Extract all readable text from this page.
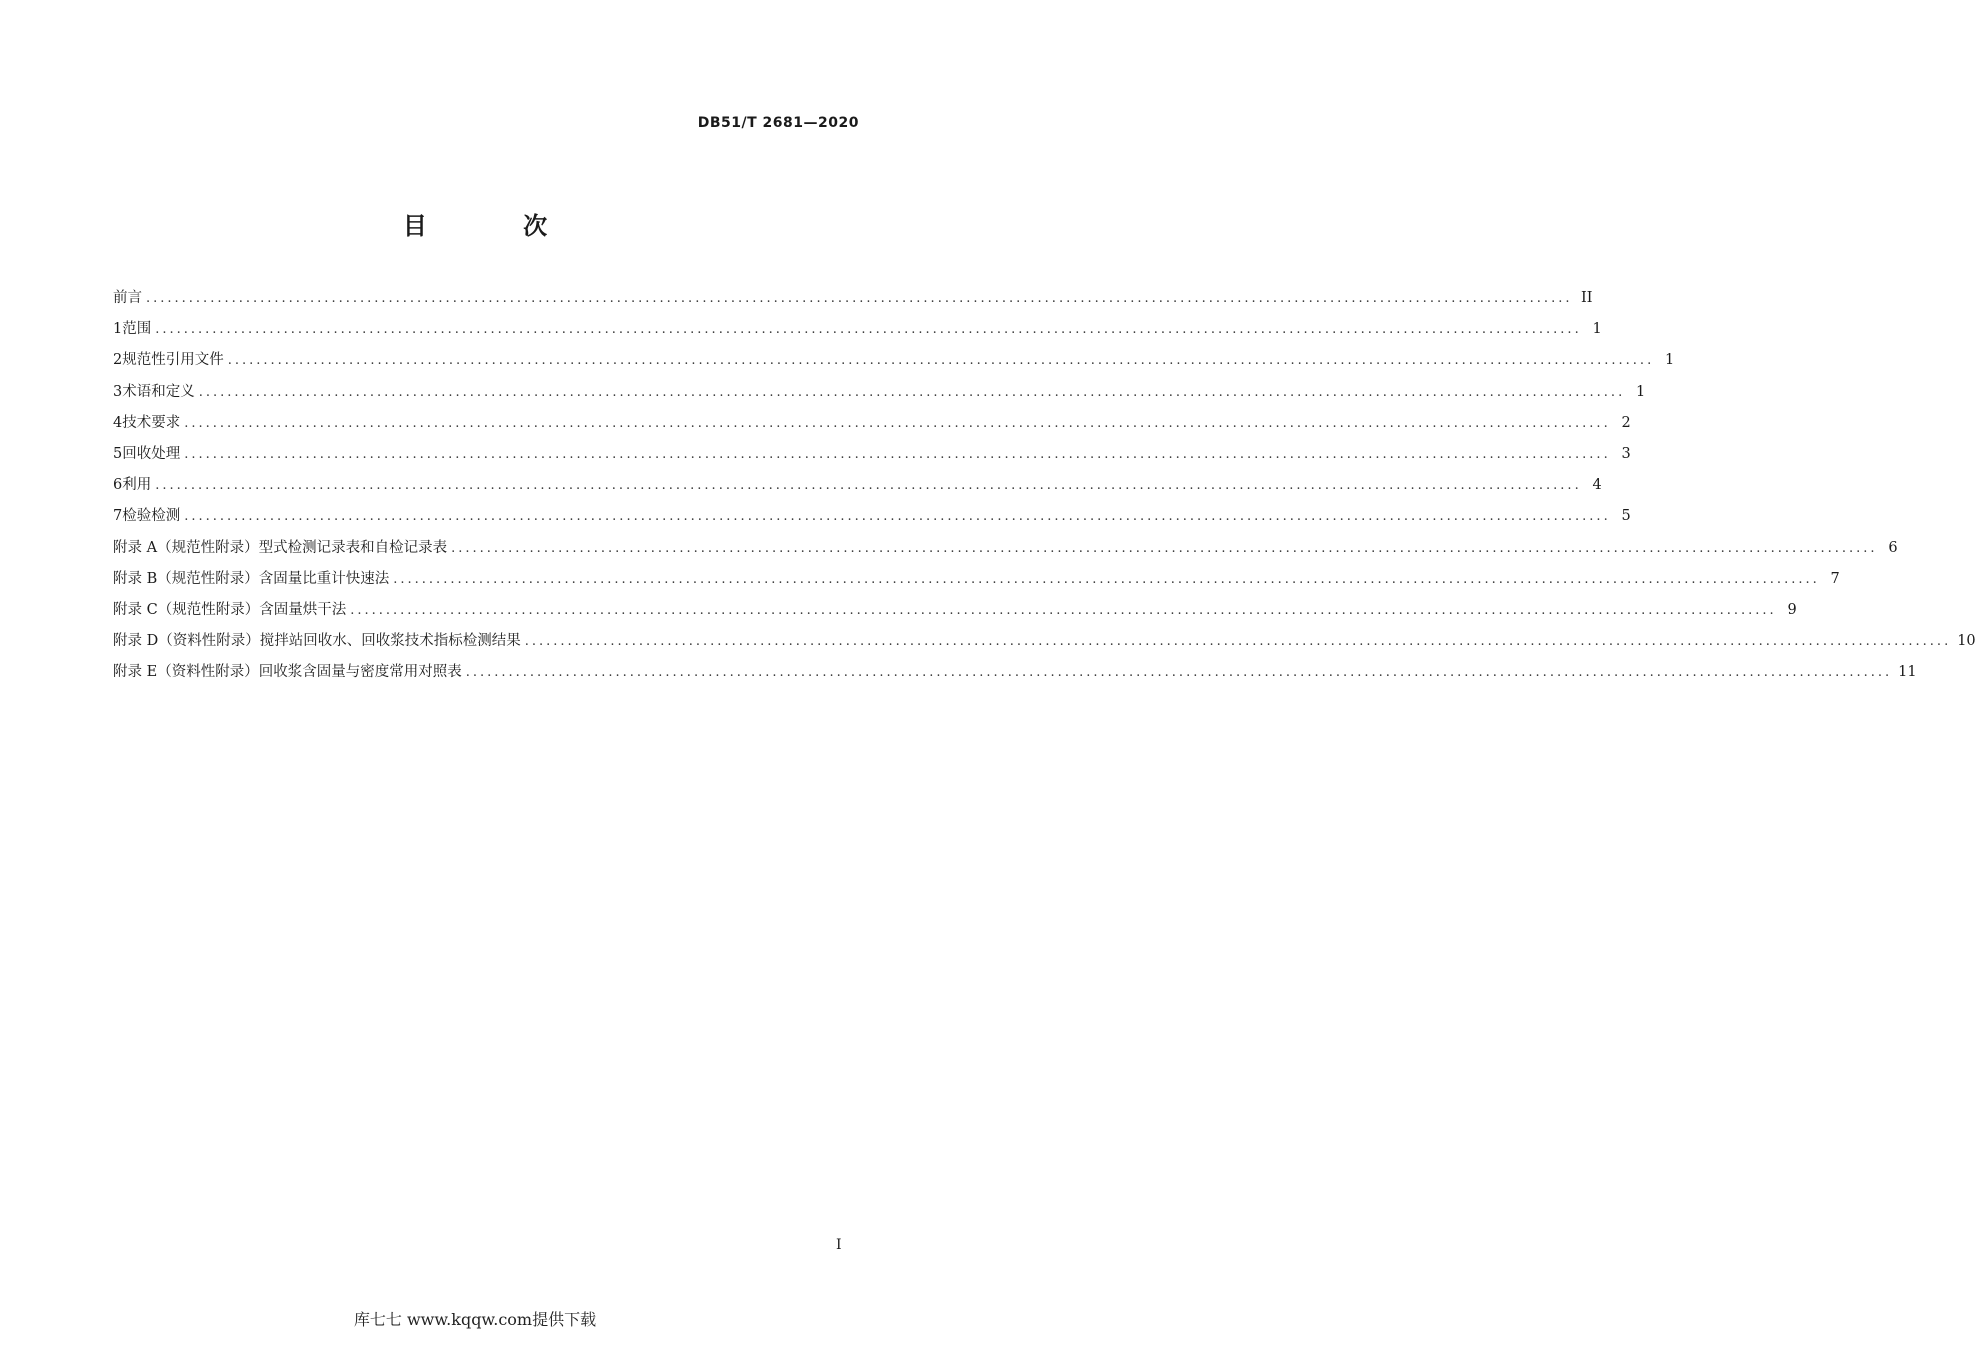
DB51/T 2681—2020
目 次
前言 ........................................................................................................................................................................................................ II
1 范围 ........................................................................................................................................................................................................ 1
2 规范性引用文件 ........................................................................................................................................................................................................ 1
3 术语和定义 ........................................................................................................................................................................................................ 1
4 技术要求 ........................................................................................................................................................................................................ 2
5 回收处理 ........................................................................................................................................................................................................ 3
6 利用 ........................................................................................................................................................................................................ 4
7 检验检测 ........................................................................................................................................................................................................ 5
附录 A（规范性附录） 型式检测记录表和自检记录表 ........................................................................................................................................................................................................ 6
附录 B（规范性附录） 含固量比重计快速法 ........................................................................................................................................................................................................ 7
附录 C（规范性附录） 含固量烘干法 ........................................................................................................................................................................................................ 9
附录 D（资料性附录） 搅拌站回收水、回收浆技术指标检测结果 ........................................................................................................................................................................................................ 10
附录 E（资料性附录） 回收浆含固量与密度常用对照表 ........................................................................................................................................................................................................ 11
I
库七七 www.kqqw.com提供下载
